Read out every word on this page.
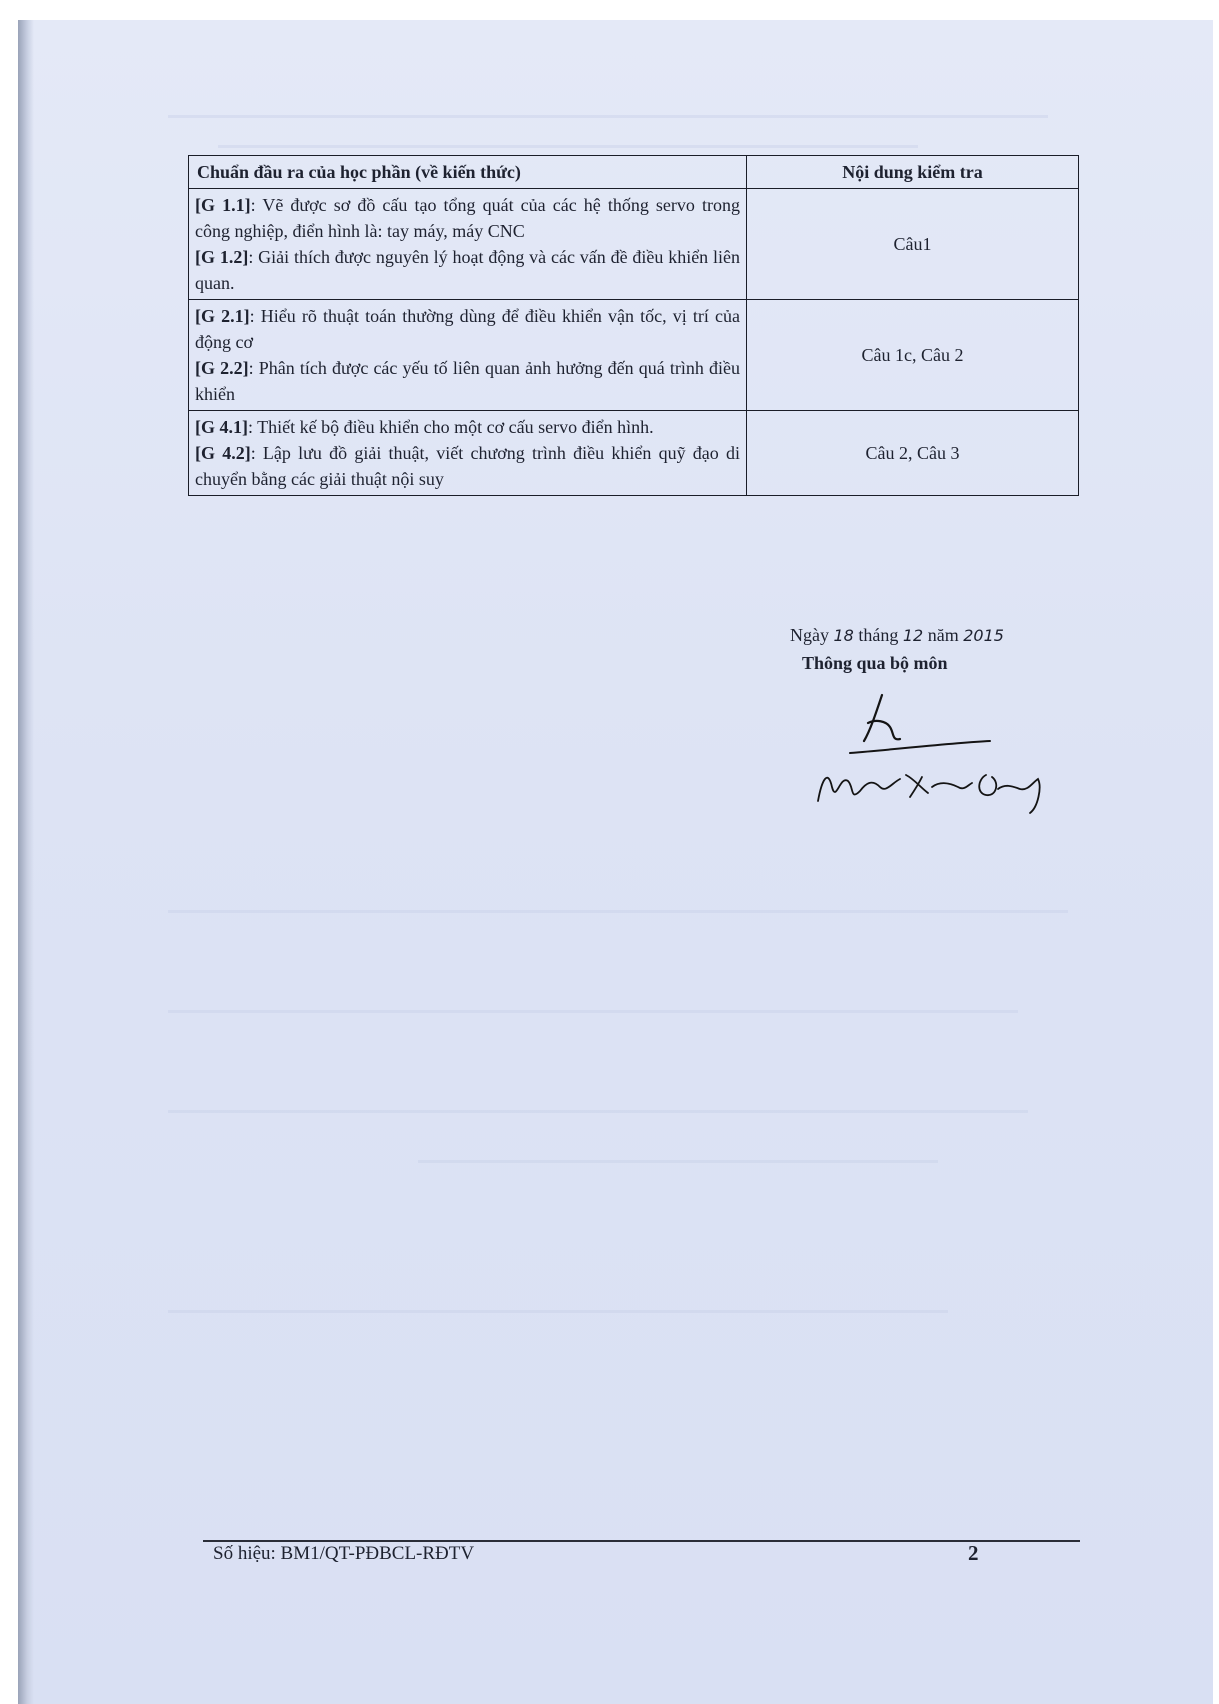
Chuẩn đầu ra của học phần (về kiến thức)	Nội dung kiểm tra

[G 1.1]: Vẽ được sơ đồ cấu tạo tổng quát của các hệ thống servo trong công nghiệp, điển hình là: tay máy, máy CNC
[G 1.2]: Giải thích được nguyên lý hoạt động và các vấn đề điều khiển liên quan.	Câu1

[G 2.1]: Hiểu rõ thuật toán thường dùng để điều khiển vận tốc, vị trí của động cơ
[G 2.2]: Phân tích được các yếu tố liên quan ảnh hưởng đến quá trình điều khiển	Câu 1c, Câu 2

[G 4.1]: Thiết kế bộ điều khiển cho một cơ cấu servo điển hình.
[G 4.2]: Lập lưu đồ giải thuật, viết chương trình điều khiển quỹ đạo di chuyển bằng các giải thuật nội suy	Câu 2, Câu 3
Ngày 18 tháng 12 năm 2015
Thông qua bộ môn
Số hiệu: BM1/QT-PĐBCL-RĐTV	2
